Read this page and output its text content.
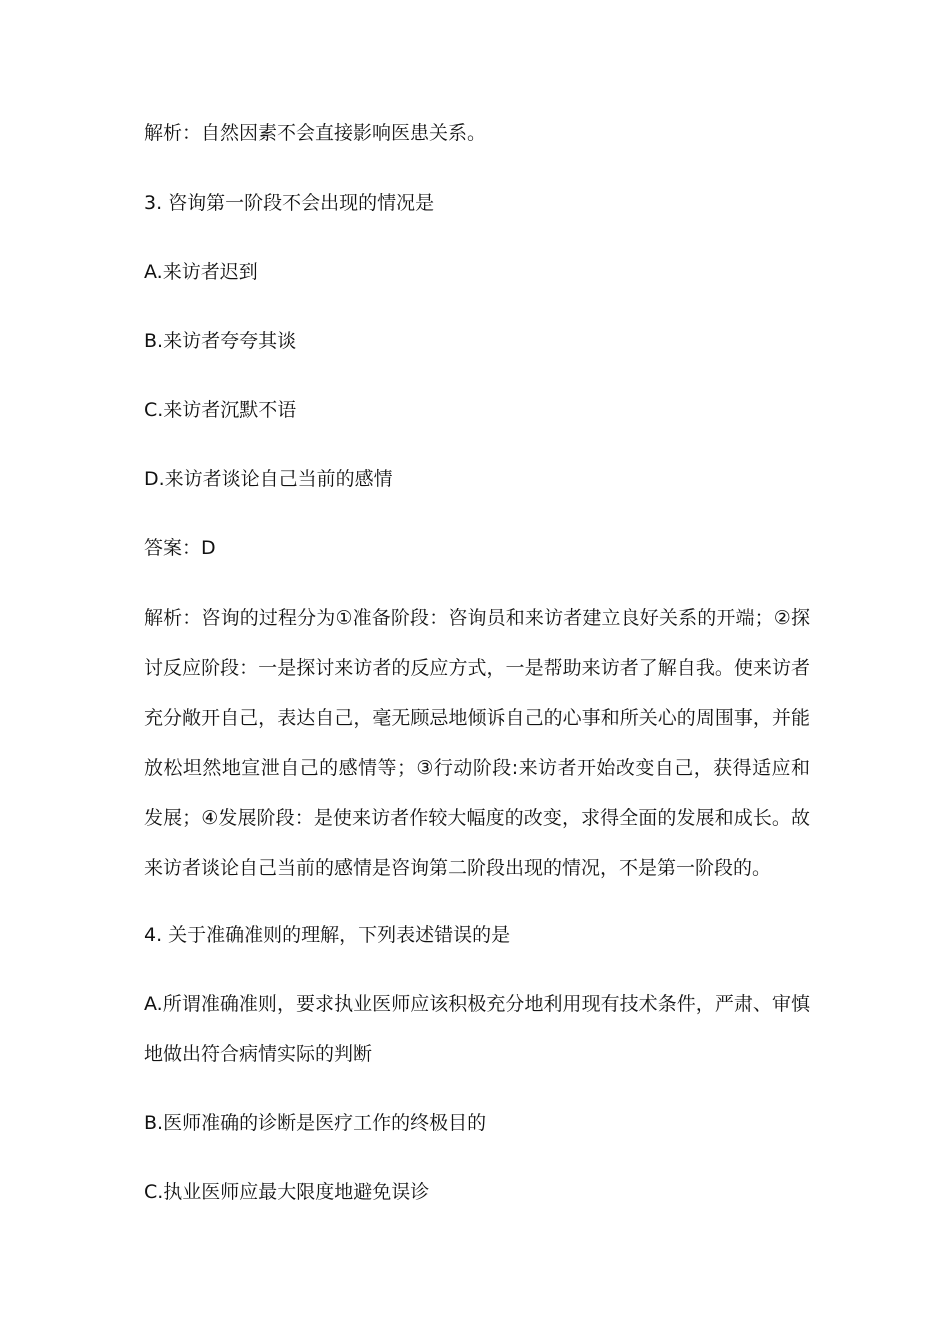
解析：自然因素不会直接影响医患关系。
3. 咨询第一阶段不会出现的情况是
A.来访者迟到
B.来访者夸夸其谈
C.来访者沉默不语
D.来访者谈论自己当前的感情
答案：D
解析：咨询的过程分为①准备阶段：咨询员和来访者建立良好关系的开端；②探讨反应阶段：一是探讨来访者的反应方式，一是帮助来访者了解自我。使来访者充分敞开自己，表达自己，毫无顾忌地倾诉自己的心事和所关心的周围事，并能放松坦然地宣泄自己的感情等；③行动阶段:来访者开始改变自己，获得适应和发展；④发展阶段：是使来访者作较大幅度的改变，求得全面的发展和成长。故来访者谈论自己当前的感情是咨询第二阶段出现的情况，不是第一阶段的。
4. 关于准确准则的理解，下列表述错误的是
A.所谓准确准则，要求执业医师应该积极充分地利用现有技术条件，严肃、审慎地做出符合病情实际的判断
B.医师准确的诊断是医疗工作的终极目的
C.执业医师应最大限度地避免误诊
